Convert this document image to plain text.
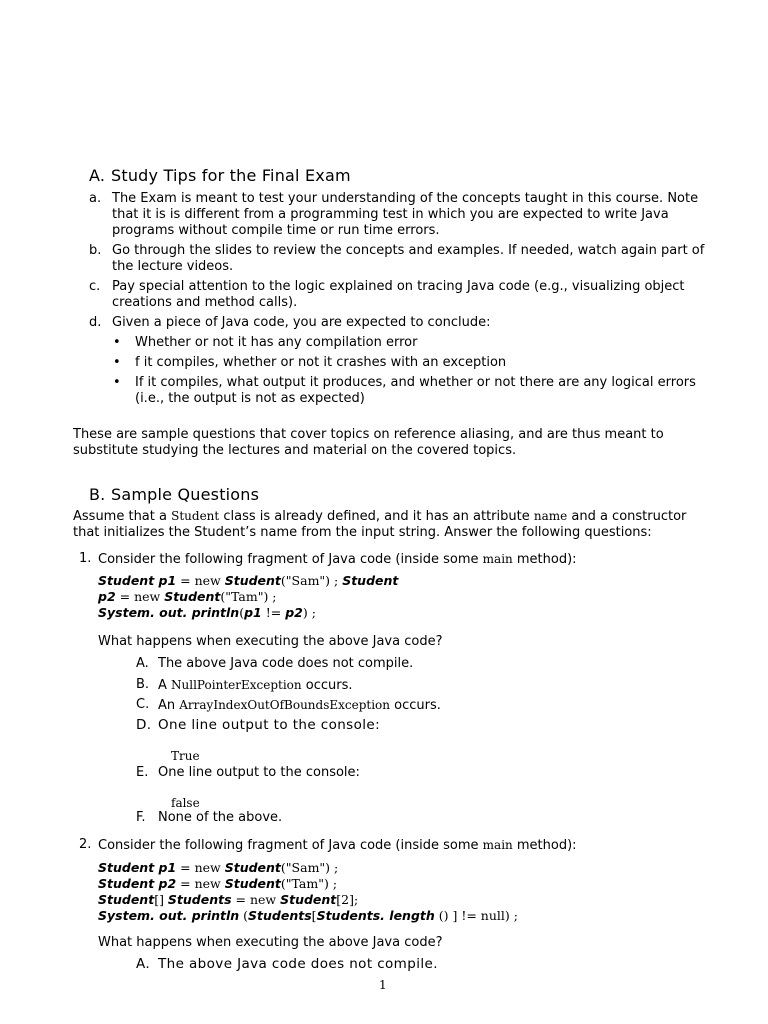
A. Study Tips for the Final Exam
a. The Exam is meant to test your understanding of the concepts taught in this course. Note that it is is different from a programming test in which you are expected to write Java programs without compile time or run time errors.
b. Go through the slides to review the concepts and examples. If needed, watch again part of the lecture videos.
c. Pay special attention to the logic explained on tracing Java code (e.g., visualizing object creations and method calls).
d. Given a piece of Java code, you are expected to conclude:
• Whether or not it has any compilation error
• f it compiles, whether or not it crashes with an exception
• If it compiles, what output it produces, and whether or not there are any logical errors (i.e., the output is not as expected)
These are sample questions that cover topics on reference aliasing, and are thus meant to substitute studying the lectures and material on the covered topics.
B. Sample Questions
Assume that a Student class is already defined, and it has an attribute name and a constructor that initializes the Student’s name from the input string. Answer the following questions:
1. Consider the following fragment of Java code (inside some main method):
Student p1 = new Student("Sam") ; Student
p2 = new Student("Tam") ;
System. out. println(p1 != p2) ;
What happens when executing the above Java code?
A. The above Java code does not compile.
B. A NullPointerException occurs.
C. An ArrayIndexOutOfBoundsException occurs.
D. One line output to the console:
True
E. One line output to the console:
false
F. None of the above.
2. Consider the following fragment of Java code (inside some main method):
Student p1 = new Student("Sam") ;
Student p2 = new Student("Tam") ;
Student[] Students = new Student[2];
System. out. println (Students[Students. length () ] != null) ;
What happens when executing the above Java code?
A. The above Java code does not compile.
1
